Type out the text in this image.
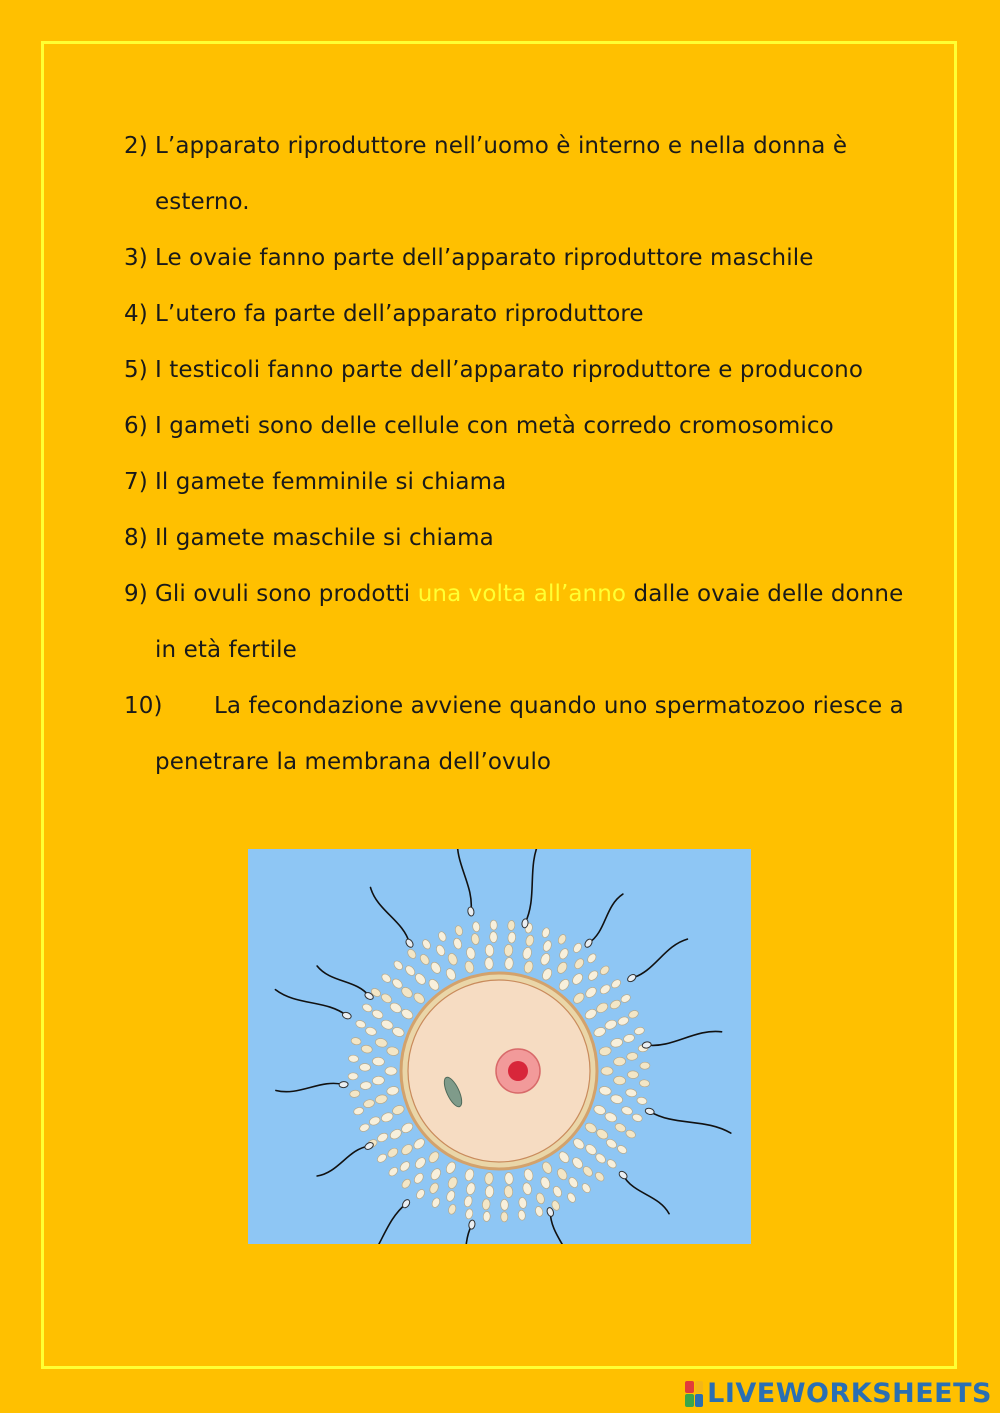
2) L’apparato riproduttore nell’uomo è interno e nella donna è esterno.
3) Le ovaie fanno parte dell’apparato riproduttore maschile
4) L’utero fa parte dell’apparato riproduttore
5) I testicoli fanno parte dell’apparato riproduttore e producono
6) I gameti sono delle cellule con metà corredo cromosomico
7) Il gamete femminile si chiama
8) Il gamete maschile si chiama
9) Gli ovuli sono prodotti una volta all’anno dalle ovaie delle donne in età fertile
10)	La fecondazione avviene quando uno spermatozoo riesce a penetrare la membrana dell’ovulo
LIVEWORKSHEETS
